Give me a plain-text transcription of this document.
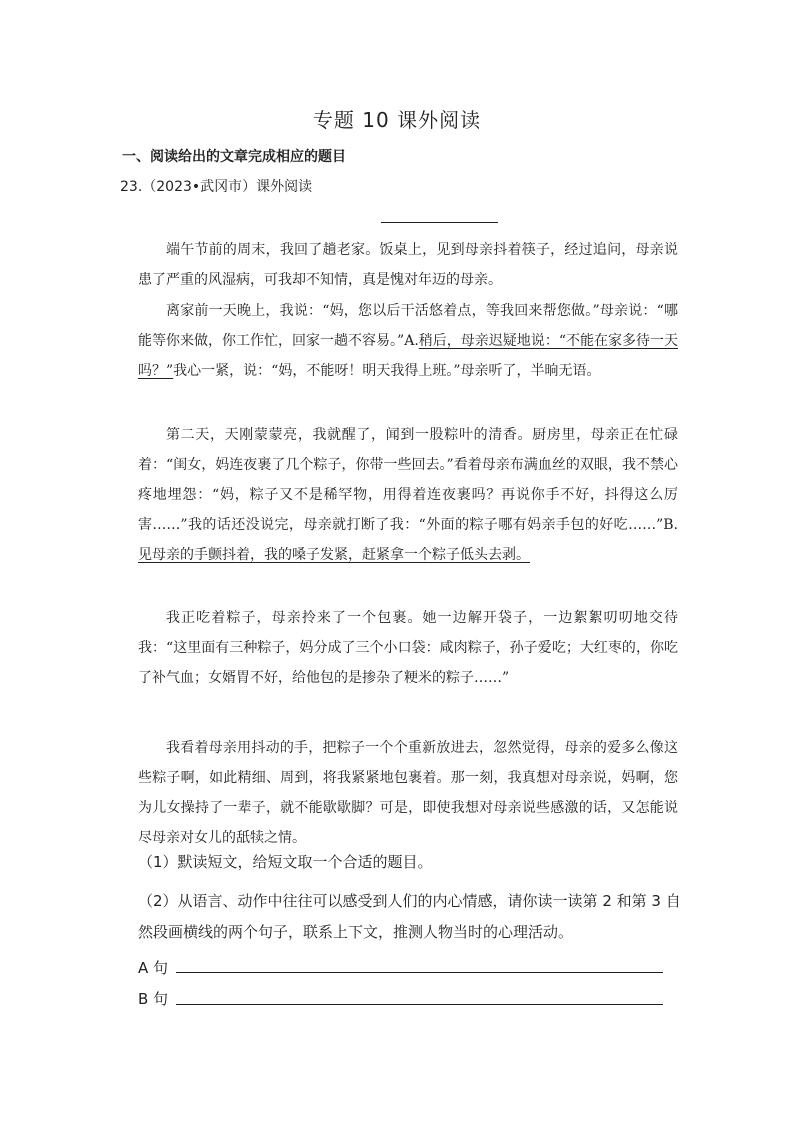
专题 10 课外阅读
一、阅读给出的文章完成相应的题目
23.（2023•武冈市）课外阅读

端午节前的周末，我回了趟老家。饭桌上，见到母亲抖着筷子，经过追问，母亲说患了严重的风湿病，可我却不知情，真是愧对年迈的母亲。

离家前一天晚上，我说：“妈，您以后干活悠着点，等我回来帮您做。”母亲说：“哪能等你来做，你工作忙，回家一趟不容易。”A.稍后，母亲迟疑地说：“不能在家多待一天吗？”我心一紧，说：“妈，不能呀！明天我得上班。”母亲听了，半晌无语。

第二天，天刚蒙蒙亮，我就醒了，闻到一股粽叶的清香。厨房里，母亲正在忙碌着：“闺女，妈连夜裹了几个粽子，你带一些回去。”看着母亲布满血丝的双眼，我不禁心疼地埋怨：“妈，粽子又不是稀罕物，用得着连夜裹吗？再说你手不好，抖得这么厉害……”我的话还没说完，母亲就打断了我：“外面的粽子哪有妈亲手包的好吃……”B.见母亲的手颤抖着，我的嗓子发紧，赶紧拿一个粽子低头去剥。

我正吃着粽子，母亲拎来了一个包裹。她一边解开袋子，一边絮絮叨叨地交待我：“这里面有三种粽子，妈分成了三个小口袋：咸肉粽子，孙子爱吃；大红枣的，你吃了补气血；女婿胃不好，给他包的是掺杂了粳米的粽子……”

我看着母亲用抖动的手，把粽子一个个重新放进去，忽然觉得，母亲的爱多么像这些粽子啊，如此精细、周到，将我紧紧地包裹着。那一刻，我真想对母亲说，妈啊，您为儿女操持了一辈子，就不能歇歇脚？可是，即使我想对母亲说些感激的话，又怎能说尽母亲对女儿的舐犊之情。

（1）默读短文，给短文取一个合适的题目。

（2）从语言、动作中往往可以感受到人们的内心情感，请你读一读第 2 和第 3 自然段画横线的两个句子，联系上下文，推测人物当时的心理活动。

A 句
B 句
